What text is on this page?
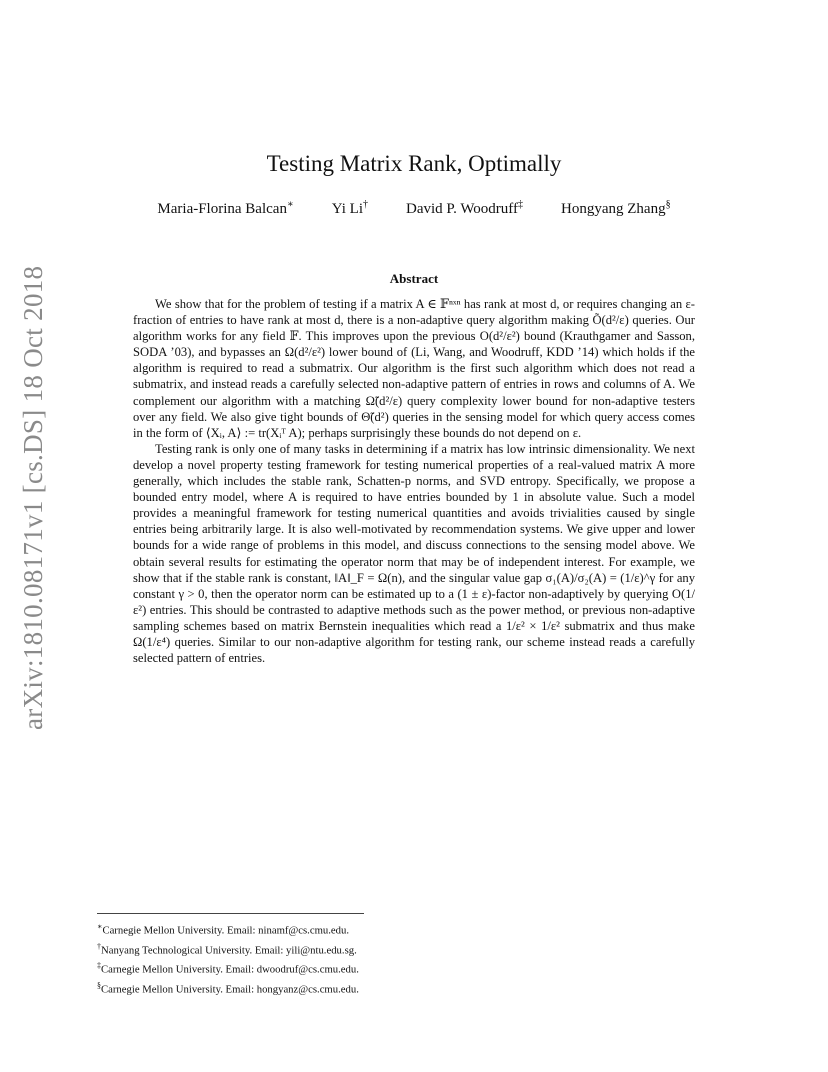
arXiv:1810.08171v1 [cs.DS] 18 Oct 2018
Testing Matrix Rank, Optimally
Maria-Florina Balcan∗	Yi Li†	David P. Woodruff‡	Hongyang Zhang§
Abstract

We show that for the problem of testing if a matrix A ∈ 𝔽ⁿˣⁿ has rank at most d, or requires changing an ε-fraction of entries to have rank at most d, there is a non-adaptive query algorithm making Õ(d²/ε) queries. Our algorithm works for any field 𝔽. This improves upon the previous O(d²/ε²) bound (Krauthgamer and Sasson, SODA ’03), and bypasses an Ω(d²/ε²) lower bound of (Li, Wang, and Woodruff, KDD ’14) which holds if the algorithm is required to read a submatrix. Our algorithm is the first such algorithm which does not read a submatrix, and instead reads a carefully selected non-adaptive pattern of entries in rows and columns of A. We complement our algorithm with a matching Ω̃(d²/ε) query complexity lower bound for non-adaptive testers over any field. We also give tight bounds of Θ̃(d²) queries in the sensing model for which query access comes in the form of ⟨Xᵢ, A⟩ := tr(Xᵢᵀ A); perhaps surprisingly these bounds do not depend on ε.

Testing rank is only one of many tasks in determining if a matrix has low intrinsic dimensionality. We next develop a novel property testing framework for testing numerical properties of a real-valued matrix A more generally, which includes the stable rank, Schatten-p norms, and SVD entropy. Specifically, we propose a bounded entry model, where A is required to have entries bounded by 1 in absolute value. Such a model provides a meaningful framework for testing numerical quantities and avoids trivialities caused by single entries being arbitrarily large. It is also well-motivated by recommendation systems. We give upper and lower bounds for a wide range of problems in this model, and discuss connections to the sensing model above. We obtain several results for estimating the operator norm that may be of independent interest. For example, we show that if the stable rank is constant, ‖A‖_F = Ω(n), and the singular value gap σ₁(A)/σ₂(A) = (1/ε)^γ for any constant γ > 0, then the operator norm can be estimated up to a (1 ± ε)-factor non-adaptively by querying O(1/ε²) entries. This should be contrasted to adaptive methods such as the power method, or previous non-adaptive sampling schemes based on matrix Bernstein inequalities which read a 1/ε² × 1/ε² submatrix and thus make Ω(1/ε⁴) queries. Similar to our non-adaptive algorithm for testing rank, our scheme instead reads a carefully selected pattern of entries.

∗Carnegie Mellon University. Email: ninamf@cs.cmu.edu.
†Nanyang Technological University. Email: yili@ntu.edu.sg.
‡Carnegie Mellon University. Email: dwoodruf@cs.cmu.edu.
§Carnegie Mellon University. Email: hongyanz@cs.cmu.edu.
